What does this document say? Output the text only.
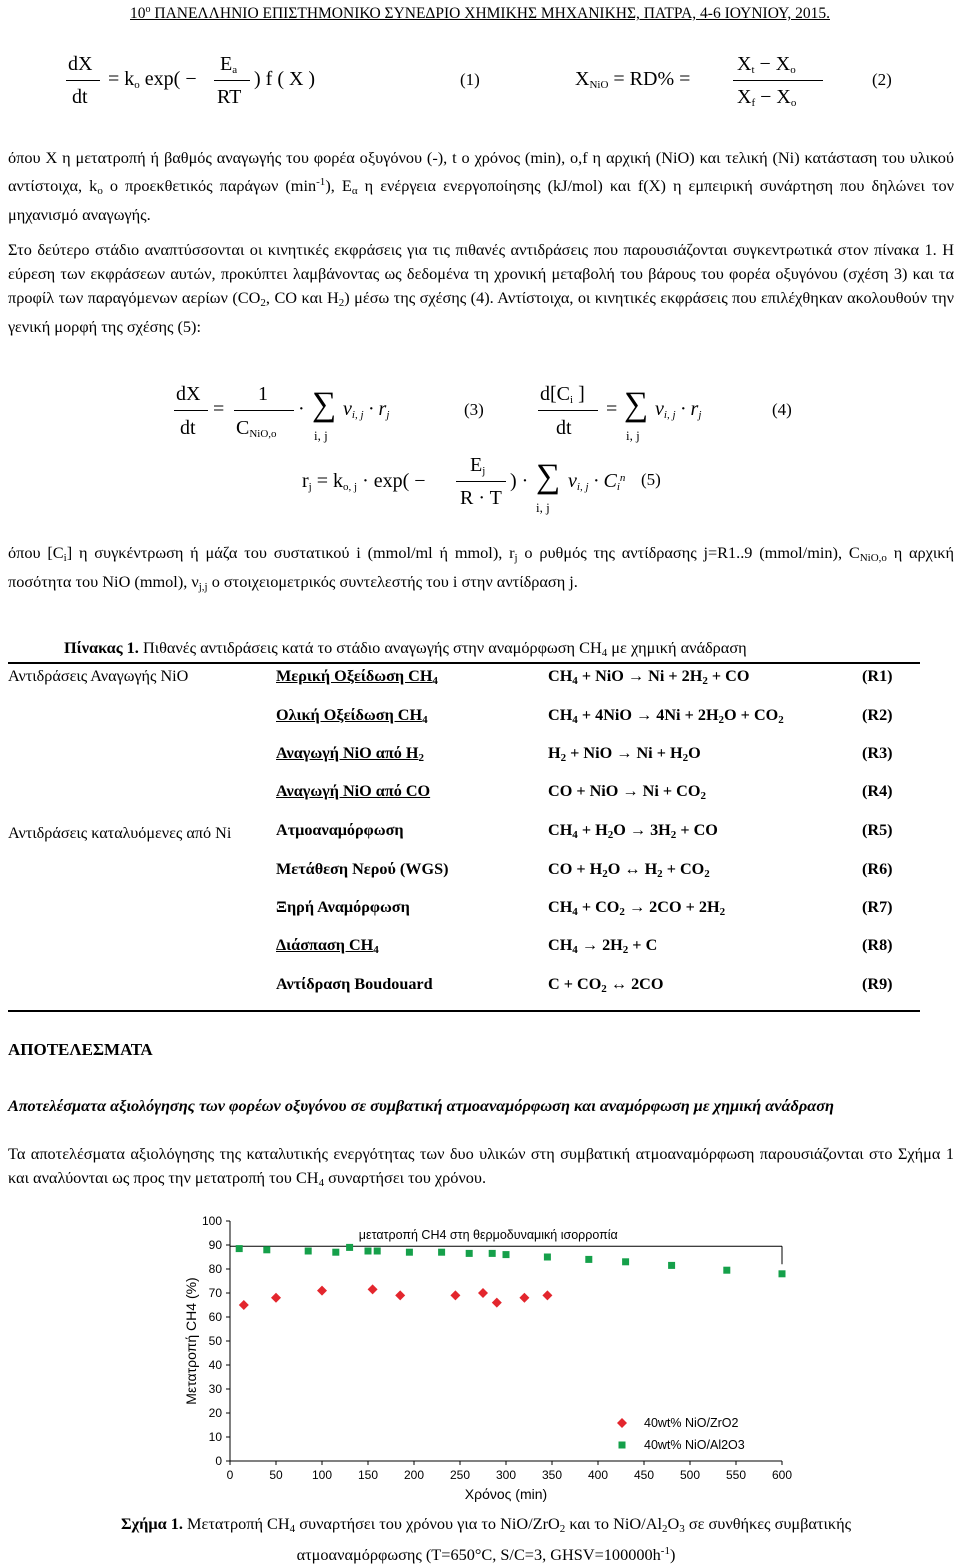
$10^o$ ΠΑΝΕΛΛΗΝΙΟ ΕΠΙΣΤΗΜΟΝΙΚΟ ΣΥΝΕΔΡΙΟ ΧΗΜΙΚΗΣ ΜΗΧΑΝΙΚΗΣ, ΠΑΤΡΑ, 4-6 ΙΟΥΝΙΟΥ, 2015.
dX
dt
= $k_o$ exp( −
$E_a$
RT
) f ( X )	(1)	$X_{NiO} = RD\%$ =
$X_t - X_o$
$X_f - X_o$
(2)
όπου Χ η μετατροπή ή βαθμός αναγωγής του φορέα οξυγόνου (-), t ο χρόνος (min), o,f η αρχική (NiO) και τελική (Ni) κατάσταση του υλικού αντίστοιχα, $k_o$ ο προεκθετικός παράγων $(\min^{-1})$, $E_\alpha$ η ενέργεια ενεργοποίησης (kJ/mol) και f(X) η εμπειρική συνάρτηση που δηλώνει τον μηχανισμό αναγωγής.
Στο δεύτερο στάδιο αναπτύσσονται οι κινητικές εκφράσεις για τις πιθανές αντιδράσεις που παρουσιάζονται συγκεντρωτικά στον πίνακα 1. Η εύρεση των εκφράσεων αυτών, προκύπτει λαμβάνοντας ως δεδομένα τη χρονική μεταβολή του βάρους του φορέα οξυγόνου (σχέση 3) και τα προφίλ των παραγόμενων αερίων ($CO_2$, CO και $H_2$) μέσω της σχέσης (4). Αντίστοιχα, οι κινητικές εκφράσεις που επιλέχθηκαν ακολουθούν την γενική μορφή της σχέσης (5):
dX
dt
=
1
$C_{NiO,o}$
· ∑
i, j
$\nu_{i, j} \cdot r_j$	(3)
$d[C_i$ ]
dt
= ∑
i, j
$\nu_{i, j} \cdot r_j$	(4)
$r_j = k_{o, j} \cdot \exp$( −
$E_j$
R · T
) · ∑
i, j
$\nu_{i, j} \cdot C_i^n$ (5)
όπου $[C_i]$ η συγκέντρωση ή μάζα του συστατικού i (mmol/ml ή mmol), $r_j$ ο ρυθμός της αντίδρασης j=R1..9 (mmol/min), $C_{NiO,o}$ η αρχική ποσότητα του NiO (mmol), $\nu_{j,j}$ ο στοιχειομετρικός συντελεστής του i στην αντίδραση j.
Πίνακας 1. Πιθανές αντιδράσεις κατά το στάδιο αναγωγής στην αναμόρφωση $CH_4$ με χημική ανάδραση
Αντιδράσεις Αναγωγής NiO
Αντιδράσεις καταλυόμενες από Ni
Μερική Οξείδωση $CH_4$	$CH_4$ + NiO → $Ni + 2H_2$ + CO	(R1)
Ολική Οξείδωση $CH_4$	$CH_4 + 4NiO \to 4Ni + 2H_2O + CO_2$	(R2)
Αναγωγή NiO από $H_2$	$H_2$ + NiO → $Ni + H_2O$	(R3)
Αναγωγή NiO από CO	CO + NiO → $Ni + CO_2$	(R4)
Ατμοαναμόρφωση	$CH_4 + H_2O \to 3H_2$ + CO	(R5)
Μετάθεση Νερού (WGS)	CO + $H_2O$ ↔ $H_2 + CO_2$	(R6)
Ξηρή Αναμόρφωση	$CH_4 + CO_2 \to 2CO + 2H_2$	(R7)
Διάσπαση $CH_4$	$CH_4 \to 2H_2 + C$	(R8)
Αντίδραση Boudouard	$C + CO_2$ ↔ 2CO	(R9)
ΑΠΟΤΕΛΕΣΜΑΤΑ
Αποτελέσματα αξιολόγησης των φορέων οξυγόνου σε συμβατική ατμοαναμόρφωση και αναμόρφωση με χημική ανάδραση
Τα αποτελέσματα αξιολόγησης της καταλυτικής ενεργότητας των δυο υλικών στη συμβατική ατμοαναμόρφωση παρουσιάζονται στο Σχήμα 1 και αναλύονται ως προς την μετατροπή του $CH_4$ συναρτήσει του χρόνου.
0
10
20
30
40
50
60
70
80
90
100
0	50 100 150 200 250 300 350 400 450 500 550 600
Χρόνος (min)
Μετατροπή CH4 (%)
μετατροπή CH4 στη θερμοδυναμική ισορροπία
40wt% NiO/ZrO2
40wt% NiO/Al2O3
Σχήμα 1. Μετατροπή $CH_4$ συναρτήσει του χρόνου για το NiO/ZrO$_2$ και το NiO/$Al_2O_3$ σε συνθήκες συμβατικής
ατμοαναμόρφωσης (T=650°C, S/C=3, $GHSV=100000h^{-1}$)
